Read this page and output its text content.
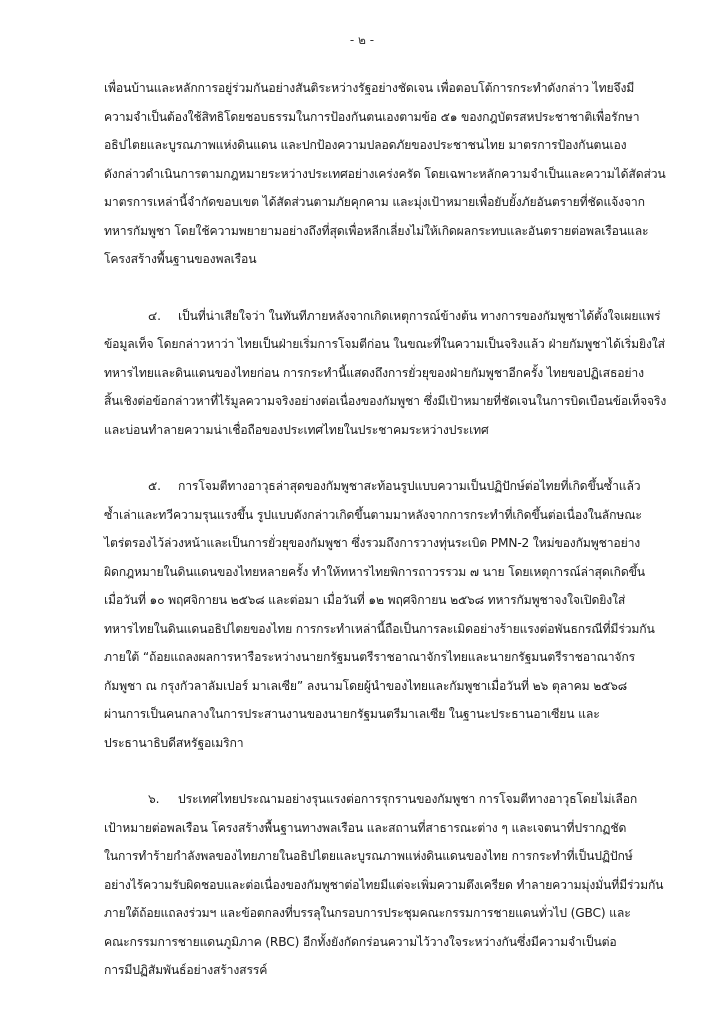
- ๒ -
เพื่อนบ้านและหลักการอยู่ร่วมกันอย่างสันติระหว่างรัฐอย่างชัดเจน เพื่อตอบโต้การกระทำดังกล่าว ไทยจึงมี
ความจำเป็นต้องใช้สิทธิโดยชอบธรรมในการป้องกันตนเองตามข้อ ๕๑ ของกฎบัตรสหประชาชาติเพื่อรักษา
อธิปไตยและบูรณภาพแห่งดินแดน และปกป้องความปลอดภัยของประชาชนไทย มาตรการป้องกันตนเอง
ดังกล่าวดำเนินการตามกฎหมายระหว่างประเทศอย่างเคร่งครัด โดยเฉพาะหลักความจำเป็นและความได้สัดส่วน
มาตรการเหล่านี้จำกัดขอบเขต ได้สัดส่วนตามภัยคุกคาม และมุ่งเป้าหมายเพื่อยับยั้งภัยอันตรายที่ชัดแจ้งจาก
ทหารกัมพูชา โดยใช้ความพยายามอย่างถึงที่สุดเพื่อหลีกเลี่ยงไม่ให้เกิดผลกระทบและอันตรายต่อพลเรือนและ
โครงสร้างพื้นฐานของพลเรือน
๔. เป็นที่น่าเสียใจว่า ในทันทีภายหลังจากเกิดเหตุการณ์ข้างต้น ทางการของกัมพูชาได้ตั้งใจเผยแพร่
ข้อมูลเท็จ โดยกล่าวหาว่า ไทยเป็นฝ่ายเริ่มการโจมตีก่อน ในขณะที่ในความเป็นจริงแล้ว ฝ่ายกัมพูชาได้เริ่มยิงใส่
ทหารไทยและดินแดนของไทยก่อน การกระทำนี้แสดงถึงการยั่วยุของฝ่ายกัมพูชาอีกครั้ง ไทยขอปฏิเสธอย่าง
สิ้นเชิงต่อข้อกล่าวหาที่ไร้มูลความจริงอย่างต่อเนื่องของกัมพูชา ซึ่งมีเป้าหมายที่ชัดเจนในการบิดเบือนข้อเท็จจริง
และบ่อนทำลายความน่าเชื่อถือของประเทศไทยในประชาคมระหว่างประเทศ
๕. การโจมตีทางอาวุธล่าสุดของกัมพูชาสะท้อนรูปแบบความเป็นปฏิปักษ์ต่อไทยที่เกิดขึ้นซ้ำแล้ว
ซ้ำเล่าและทวีความรุนแรงขึ้น รูปแบบดังกล่าวเกิดขึ้นตามมาหลังจากการกระทำที่เกิดขึ้นต่อเนื่องในลักษณะ
ไตร่ตรองไว้ล่วงหน้าและเป็นการยั่วยุของกัมพูชา ซึ่งรวมถึงการวางทุ่นระเบิด PMN-2 ใหม่ของกัมพูชาอย่าง
ผิดกฎหมายในดินแดนของไทยหลายครั้ง ทำให้ทหารไทยพิการถาวรรวม ๗ นาย โดยเหตุการณ์ล่าสุดเกิดขึ้น
เมื่อวันที่ ๑๐ พฤศจิกายน ๒๕๖๘ และต่อมา เมื่อวันที่ ๑๒ พฤศจิกายน ๒๕๖๘ ทหารกัมพูชาจงใจเปิดยิงใส่
ทหารไทยในดินแดนอธิปไตยของไทย การกระทำเหล่านี้ถือเป็นการละเมิดอย่างร้ายแรงต่อพันธกรณีที่มีร่วมกัน
ภายใต้ “ถ้อยแถลงผลการหารือระหว่างนายกรัฐมนตรีราชอาณาจักรไทยและนายกรัฐมนตรีราชอาณาจักร
กัมพูชา ณ กรุงกัวลาลัมเปอร์ มาเลเซีย” ลงนามโดยผู้นำของไทยและกัมพูชาเมื่อวันที่ ๒๖ ตุลาคม ๒๕๖๘
ผ่านการเป็นคนกลางในการประสานงานของนายกรัฐมนตรีมาเลเซีย ในฐานะประธานอาเซียน และ
ประธานาธิบดีสหรัฐอเมริกา
๖. ประเทศไทยประณามอย่างรุนแรงต่อการรุกรานของกัมพูชา การโจมตีทางอาวุธโดยไม่เลือก
เป้าหมายต่อพลเรือน โครงสร้างพื้นฐานทางพลเรือน และสถานที่สาธารณะต่าง ๆ และเจตนาที่ปรากฏชัด
ในการทำร้ายกำลังพลของไทยภายในอธิปไตยและบูรณภาพแห่งดินแดนของไทย การกระทำที่เป็นปฏิปักษ์
อย่างไร้ความรับผิดชอบและต่อเนื่องของกัมพูชาต่อไทยมีแต่จะเพิ่มความตึงเครียด ทำลายความมุ่งมั่นที่มีร่วมกัน
ภายใต้ถ้อยแถลงร่วมฯ และข้อตกลงที่บรรลุในกรอบการประชุมคณะกรรมการชายแดนทั่วไป (GBC) และ
คณะกรรมการชายแดนภูมิภาค (RBC) อีกทั้งยังกัดกร่อนความไว้วางใจระหว่างกันซึ่งมีความจำเป็นต่อ
การมีปฏิสัมพันธ์อย่างสร้างสรรค์
